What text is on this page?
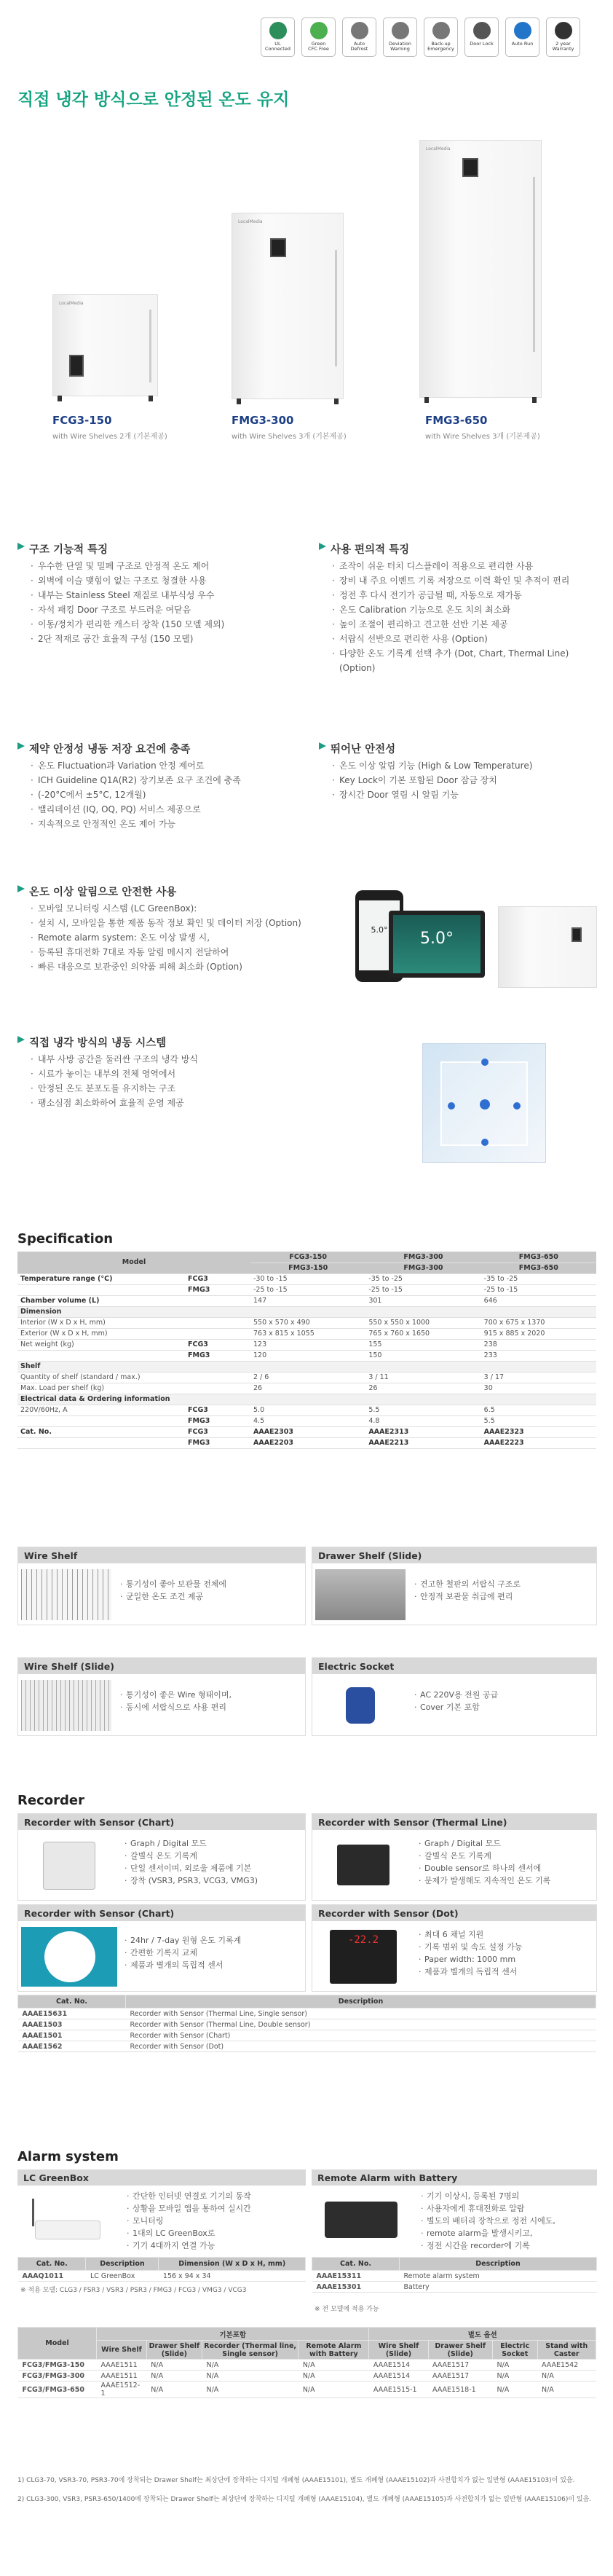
UL
Connected
Green
CFC Free
Auto
Defrost
Deviation
Warning
Back-up
Emergency
Door Lock	Auto Run	2 year
Warranty
직접 냉각 방식으로 안정된 온도 유지
LocalMedia
LocalMedia
LocalMedia
FCG3-150
with Wire Shelves 2개 (기본제공)
FMG3-300
with Wire Shelves 3개 (기본제공)
FMG3-650
with Wire Shelves 3개 (기본제공)
구조 기능적 특징
· 우수한 단열 및 밀폐 구조로 안정적 온도 제어
· 외벽에 이슬 맺힘이 없는 구조로 청결한 사용
· 내부는 Stainless Steel 재질로 내부식성 우수
· 자석 패킹 Door 구조로 부드러운 여닫음
· 이동/정치가 편리한 캐스터 장착 (150 모델 제외)
· 2단 적재로 공간 효율적 구성 (150 모델)
사용 편의적 특징
· 조작이 쉬운 터치 디스플레이 적용으로 편리한 사용
· 장비 내 주요 이벤트 기록 저장으로 이력 확인 및 추적이 편리
· 정전 후 다시 전기가 공급될 때, 자동으로 재가동
· 온도 Calibration 기능으로 온도 치의 최소화
· 높이 조절이 편리하고 견고한 선반 기본 제공
· 서랍식 선반으로 편리한 사용 (Option)
· 다양한 온도 기록계 선택 추가 (Dot, Chart, Thermal Line) (Option)
제약 안정성 냉동 저장 요건에 충족
· 온도 Fluctuation과 Variation 안정 제어로
· ICH Guideline Q1A(R2) 장기보존 요구 조건에 충족
· (-20°C에서 ±5°C, 12개월)
· 밸리데이션 (IQ, OQ, PQ) 서비스 제공으로
· 지속적으로 안정적인 온도 제어 가능
뛰어난 안전성
· 온도 이상 알림 기능 (High & Low Temperature)
· Key Lock이 기본 포함된 Door 잠금 장치
· 장시간 Door 열림 시 알림 기능
온도 이상 알림으로 안전한 사용
· 모바일 모니터링 시스템 (LC GreenBox):
· 설치 시, 모바일을 통한 제품 동작 정보 확인 및 데이터 저장 (Option)
· Remote alarm system: 온도 이상 발생 시,
· 등록된 휴대전화 7대로 자동 알림 메시지 전달하여
· 빠른 대응으로 보관중인 의약품 피해 최소화 (Option)
5.0°	5.0°
직접 냉각 방식의 냉동 시스템
· 내부 사방 공간을 둘러싼 구조의 냉각 방식
· 시료가 놓이는 내부의 전체 영역에서
· 안정된 온도 분포도를 유지하는 구조
· 팽소심점 최소화하여 효율적 운영 제공
Specification
Model		FCG3-150	FMG3-300	FMG3-650
		FMG3-150	FMG3-300	FMG3-650
Temperature range (°C)	FCG3	-30 to -15	-35 to -25	-35 to -25
	FMG3	-25 to -15	-25 to -15	-25 to -15
Chamber volume (L)		147	301	646
Dimension				
Interior (W x D x H, mm)		550 x 570 x 490	550 x 550 x 1000	700 x 675 x 1370
Exterior (W x D x H, mm)		763 x 815 x 1055	765 x 760 x 1650	915 x 885 x 2020
Net weight (kg)	FCG3	123	155	238
	FMG3	120	150	233
Shelf				
Quantity of shelf (standard / max.)		2 / 6	3 / 11	3 / 17
Max. Load per shelf (kg)		26	26	30
Electrical data & Ordering information				
220V/60Hz, A	FCG3	5.0	5.5	6.5
	FMG3	4.5	4.8	5.5
Cat. No.	FCG3	AAAE2303	AAAE2313	AAAE2323
	FMG3	AAAE2203	AAAE2213	AAAE2223
Wire Shelf
· 통기성이 좋아 보관물 전체에
· 균일한 온도 조건 제공
Drawer Shelf (Slide)
· 견고한 철판의 서랍식 구조로
· 안정적 보관물 취급에 편리
Wire Shelf (Slide)
· 통기성이 좋은 Wire 형태이며,
· 동시에 서랍식으로 사용 편리
Electric Socket
· AC 220V용 전원 공급
· Cover 기본 포함
Recorder
Recorder with Sensor (Chart)
· Graph / Digital 모드
· 갈별식 온도 기록계
· 단일 센서이며, 외로울 제품에 기본
· 장착 (VSR3, PSR3, VCG3, VMG3)
Recorder with Sensor (Thermal Line)
· Graph / Digital 모드
· 갈별식 온도 기록계
· Double sensor로 하나의 센서에
· 문제가 발생해도 지속적인 온도 기록
Recorder with Sensor (Chart)
· 24hr / 7-day 원형 온도 기록계
· 간편한 기록지 교체
· 제품과 별개의 독립적 센서
Recorder with Sensor (Dot)
-22.2	· 최대 6 채널 지원
· 기록 범위 및 속도 설정 가능
· Paper width: 1000 mm
· 제품과 별개의 독립적 센서
Cat. No.	Description
AAAE15631	Recorder with Sensor (Thermal Line, Single sensor)
AAAE1503	Recorder with Sensor (Thermal Line, Double sensor)
AAAE1501	Recorder with Sensor (Chart)
AAAE1562	Recorder with Sensor (Dot)
Alarm system
LC GreenBox
· 간단한 인터넷 연결로 기기의 동작
· 상황을 모바일 앱을 통하여 실시간
· 모니터링
· 1대의 LC GreenBox로
· 기기 4대까지 연결 가능
Remote Alarm with Battery
· 기기 이상시, 등록된 7명의
· 사용자에게 휴대전화로 알람
· 별도의 배터리 장착으로 정전 시에도,
· remote alarm을 발생시키고,
· 정전 시간을 recorder에 기록
Cat. No.	Description	Dimension (W x D x H, mm)
AAAQ1011	LC GreenBox	156 x 94 x 34
※ 적용 모델: CLG3 / FSR3 / VSR3 / PSR3 / FMG3 / FCG3 / VMG3 / VCG3
Cat. No.	Description
AAAE15311	Remote alarm system
AAAE15301	Battery
※ 전 모델에 적용 가능
Model	기본포함				별도 옵션			
	Wire Shelf	Drawer Shelf (Slide)	Recorder (Thermal line, Single sensor)	Remote Alarm with Battery	Wire Shelf (Slide)	Drawer Shelf (Slide)	Electric Socket	Stand with Caster
FCG3/FMG3-150	AAAE1511	N/A	N/A	N/A	AAAE1514	AAAE1517	N/A	AAAE1542
FCG3/FMG3-300	AAAE1511	N/A	N/A	N/A	AAAE1514	AAAE1517	N/A	N/A
FCG3/FMG3-650	AAAE1512-1	N/A	N/A	N/A	AAAE1515-1	AAAE1518-1	N/A	N/A
1) CLG3-70, VSR3-70, PSR3-70에 장착되는 Drawer Shelf는 최상단에 장착하는 디지털 개폐형 (AAAE15101), 별도 개폐형 (AAAE15102)과 사전합치가 없는 일반형 (AAAE15103)이 있음.
2) CLG3-300, VSR3, PSR3-650/1400에 장착되는 Drawer Shelf는 최상단에 장착하는 디지털 개폐형 (AAAE15104), 별도 개폐형 (AAAE15105)과 사전합치가 없는 일반형 (AAAE15106)이 있음.
